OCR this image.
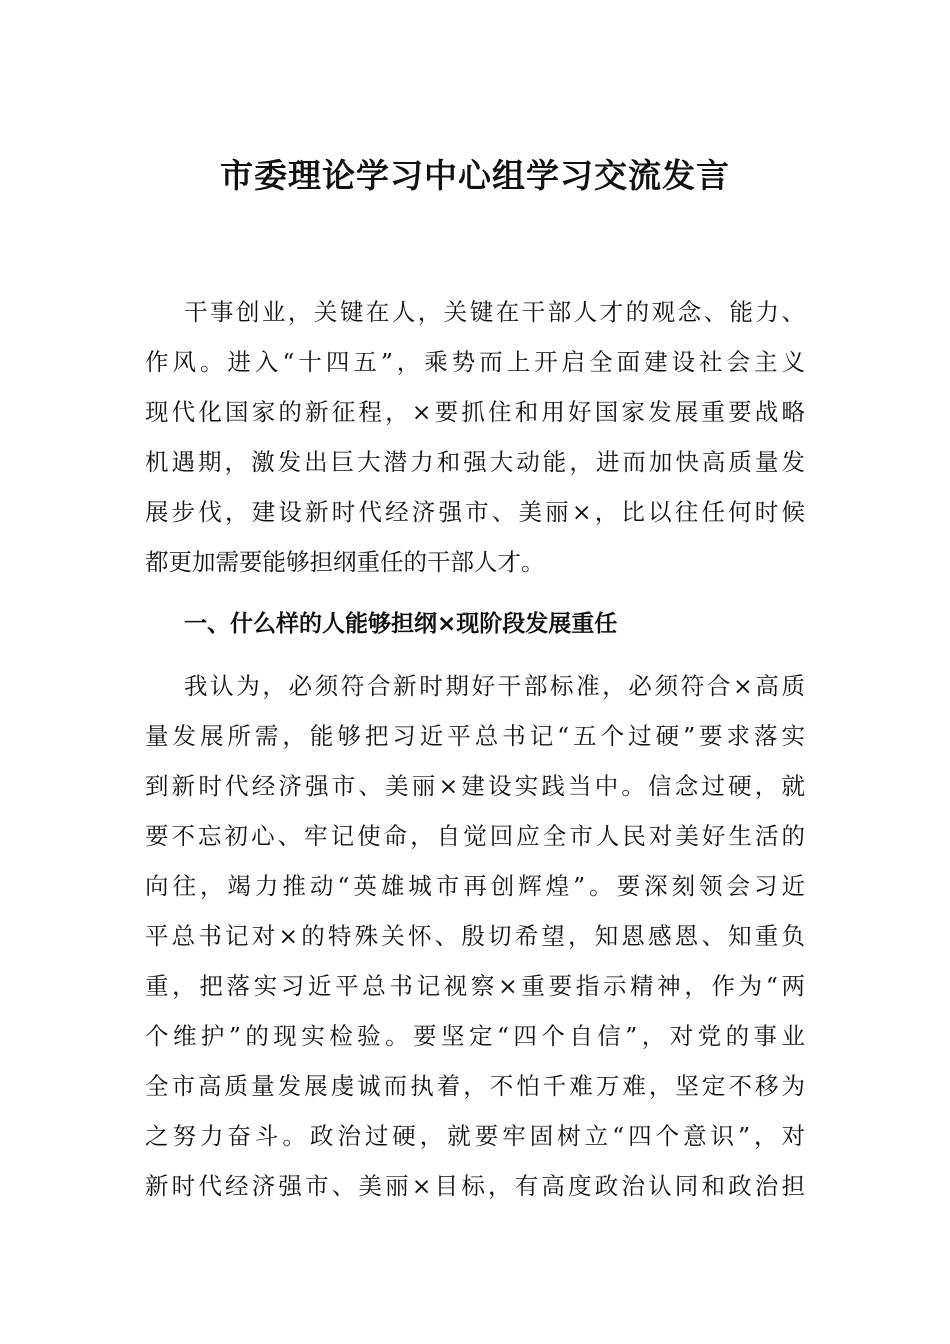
市委理论学习中心组学习交流发言
干事创业，关键在人，关键在干部人才的观念、能力、
作风。进入“十四五”，乘势而上开启全面建设社会主义
现代化国家的新征程，×要抓住和用好国家发展重要战略
机遇期，激发出巨大潜力和强大动能，进而加快高质量发
展步伐，建设新时代经济强市、美丽×，比以往任何时候
都更加需要能够担纲重任的干部人才。
一、什么样的人能够担纲×现阶段发展重任
我认为，必须符合新时期好干部标准，必须符合×高质
量发展所需，能够把习近平总书记“五个过硬”要求落实
到新时代经济强市、美丽×建设实践当中。信念过硬，就
要不忘初心、牢记使命，自觉回应全市人民对美好生活的
向往，竭力推动“英雄城市再创辉煌”。要深刻领会习近
平总书记对×的特殊关怀、殷切希望，知恩感恩、知重负
重，把落实习近平总书记视察×重要指示精神，作为“两
个维护”的现实检验。要坚定“四个自信”，对党的事业
全市高质量发展虔诚而执着，不怕千难万难，坚定不移为
之努力奋斗。政治过硬，就要牢固树立“四个意识”，对
新时代经济强市、美丽×目标，有高度政治认同和政治担
